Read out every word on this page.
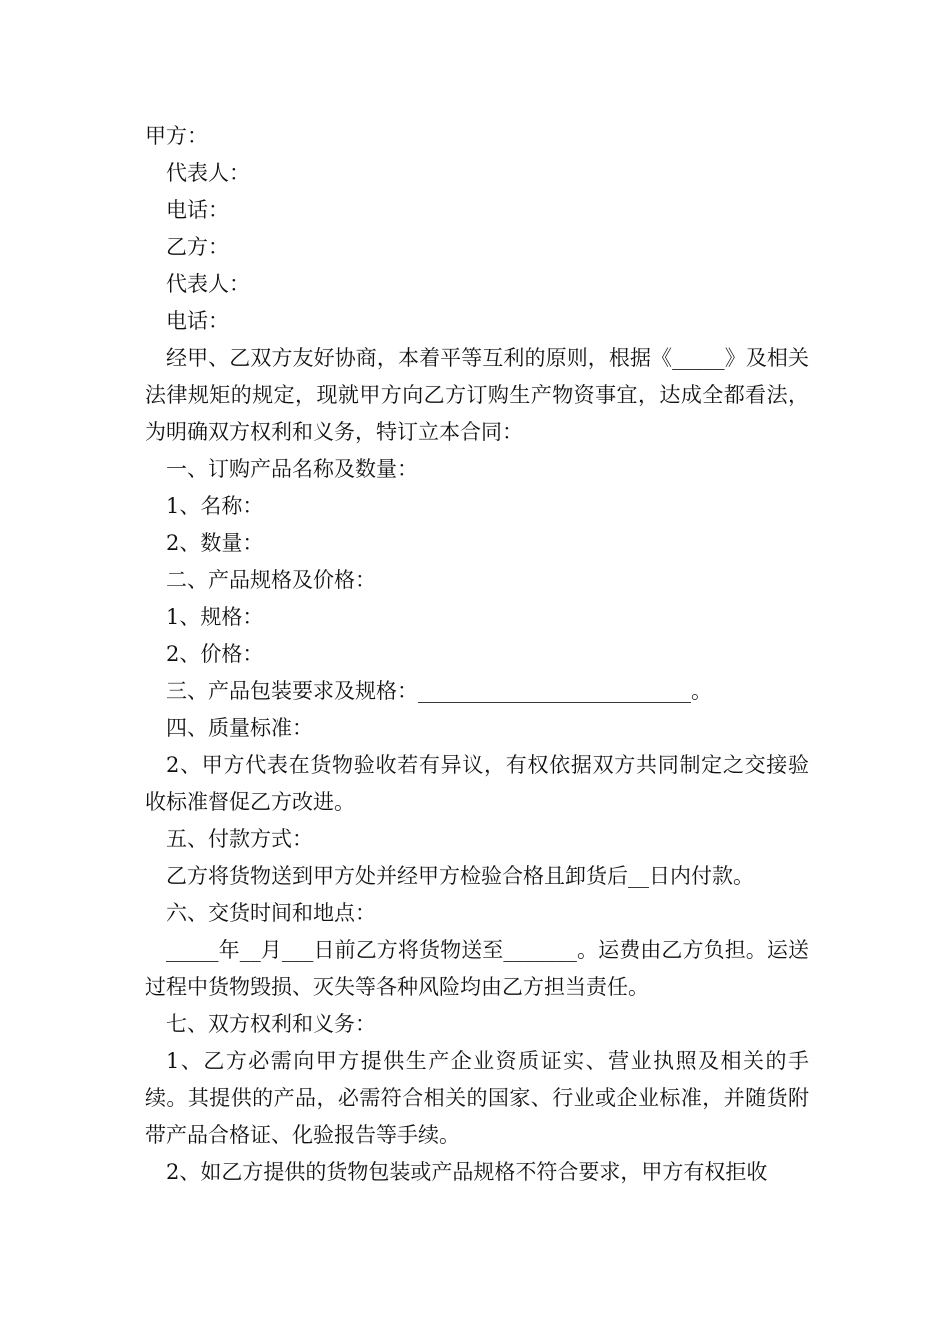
甲方：

代表人：

电话：

乙方：

代表人：

电话：

经甲、乙双方友好协商，本着平等互利的原则，根据《_____》及相关法律规矩的规定，现就甲方向乙方订购生产物资事宜，达成全都看法，为明确双方权利和义务，特订立本合同：

一、订购产品名称及数量：

1、名称：

2、数量：

二、产品规格及价格：

1、规格：

2、价格：

三、产品包装要求及规格：__________________________。

四、质量标准：

2、甲方代表在货物验收若有异议，有权依据双方共同制定之交接验收标准督促乙方改进。

五、付款方式：

乙方将货物送到甲方处并经甲方检验合格且卸货后__日内付款。

六、交货时间和地点：

_____年__月___日前乙方将货物送至_______。运费由乙方负担。运送过程中货物毁损、灭失等各种风险均由乙方担当责任。

七、双方权利和义务：

1、乙方必需向甲方提供生产企业资质证实、营业执照及相关的手续。其提供的产品，必需符合相关的国家、行业或企业标准，并随货附带产品合格证、化验报告等手续。

2、如乙方提供的货物包装或产品规格不符合要求，甲方有权拒收
